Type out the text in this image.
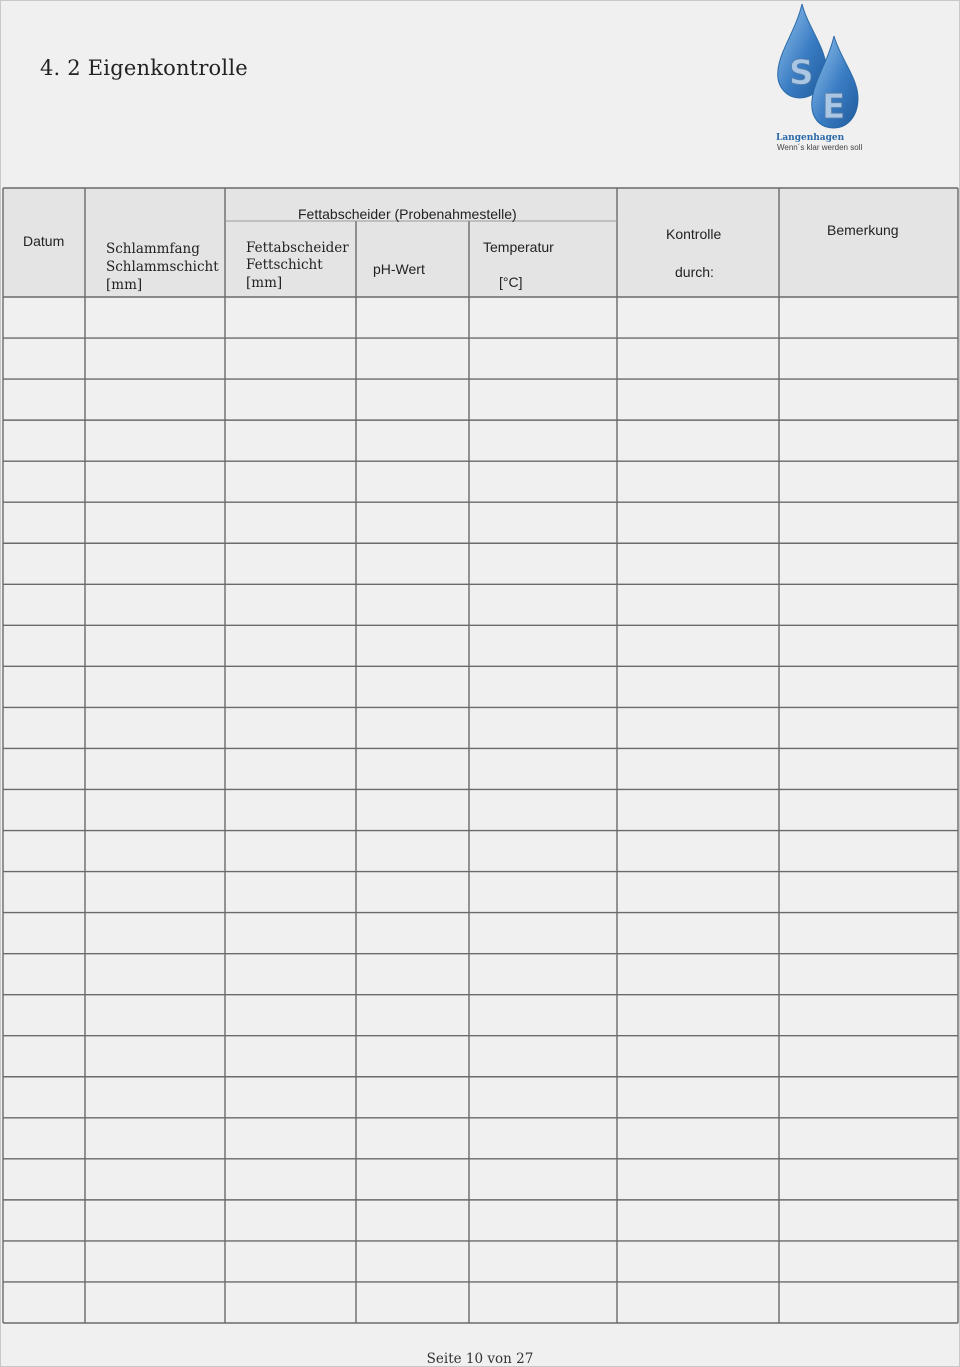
4. 2 Eigenkontrolle	S
E
Langenhagen
Wenn´s klar werden soll
Datum	Schlammfang
Schlammschicht
[mm]
Fettabscheider (Probenahmestelle)
Fettabscheider
Fettschicht
[mm]
pH-Wert
Temperatur
[°C]
Kontrolle
durch:
Bemerkung
Seite 10 von 27
